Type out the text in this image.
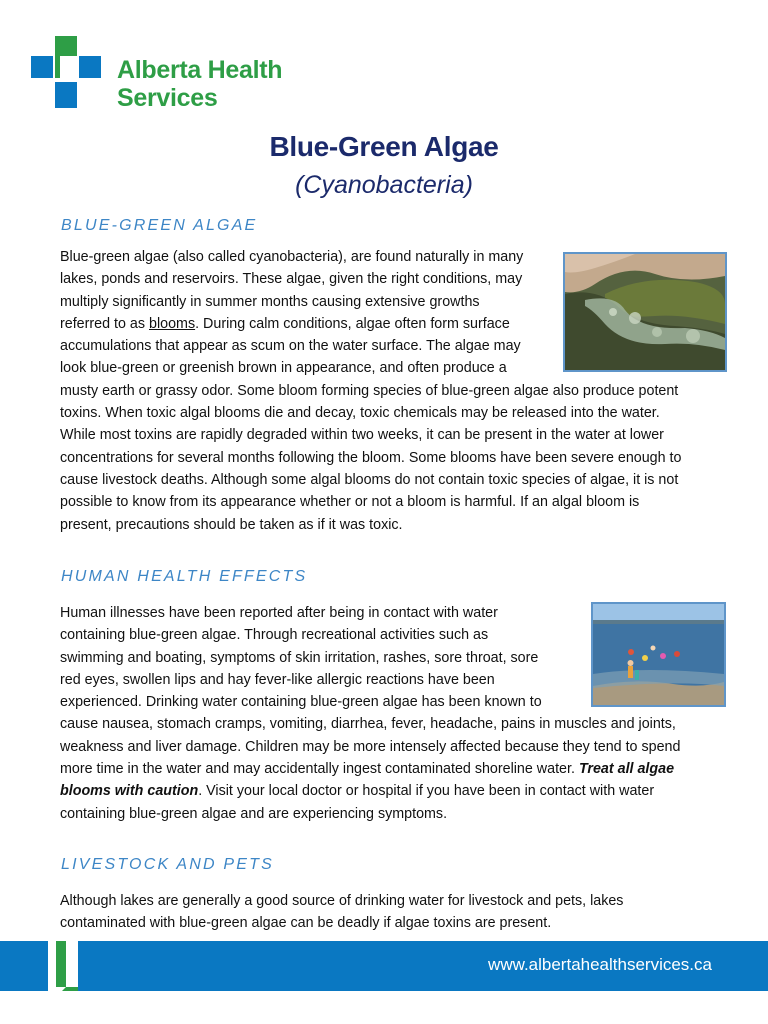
Alberta Health
Services
Blue-Green Algae
(Cyanobacteria)
BLUE-GREEN ALGAE
Blue-green algae (also called cyanobacteria), are found naturally in many
lakes, ponds and reservoirs. These algae, given the right conditions, may
multiply significantly in summer months causing extensive growths
referred to as blooms. During calm conditions, algae often form surface
accumulations that appear as scum on the water surface. The algae may
look blue-green or greenish brown in appearance, and often produce a
musty earth or grassy odor. Some bloom forming species of blue-green algae also produce potent
toxins. When toxic algal blooms die and decay, toxic chemicals may be released into the water.
While most toxins are rapidly degraded within two weeks, it can be present in the water at lower
concentrations for several months following the bloom. Some blooms have been severe enough to
cause livestock deaths. Although some algal blooms do not contain toxic species of algae, it is not
possible to know from its appearance whether or not a bloom is harmful. If an algal bloom is
present, precautions should be taken as if it was toxic.
HUMAN HEALTH EFFECTS
Human illnesses have been reported after being in contact with water
containing blue-green algae. Through recreational activities such as
swimming and boating, symptoms of skin irritation, rashes, sore throat, sore
red eyes, swollen lips and hay fever-like allergic reactions have been
experienced. Drinking water containing blue-green algae has been known to
cause nausea, stomach cramps, vomiting, diarrhea, fever, headache, pains in muscles and joints,
weakness and liver damage. Children may be more intensely affected because they tend to spend
more time in the water and may accidentally ingest contaminated shoreline water. Treat all algae
blooms with caution. Visit your local doctor or hospital if you have been in contact with water
containing blue-green algae and are experiencing symptoms.
LIVESTOCK AND PETS
Although lakes are generally a good source of drinking water for livestock and pets, lakes
contaminated with blue-green algae can be deadly if algae toxins are present.
www.albertahealthservices.ca
